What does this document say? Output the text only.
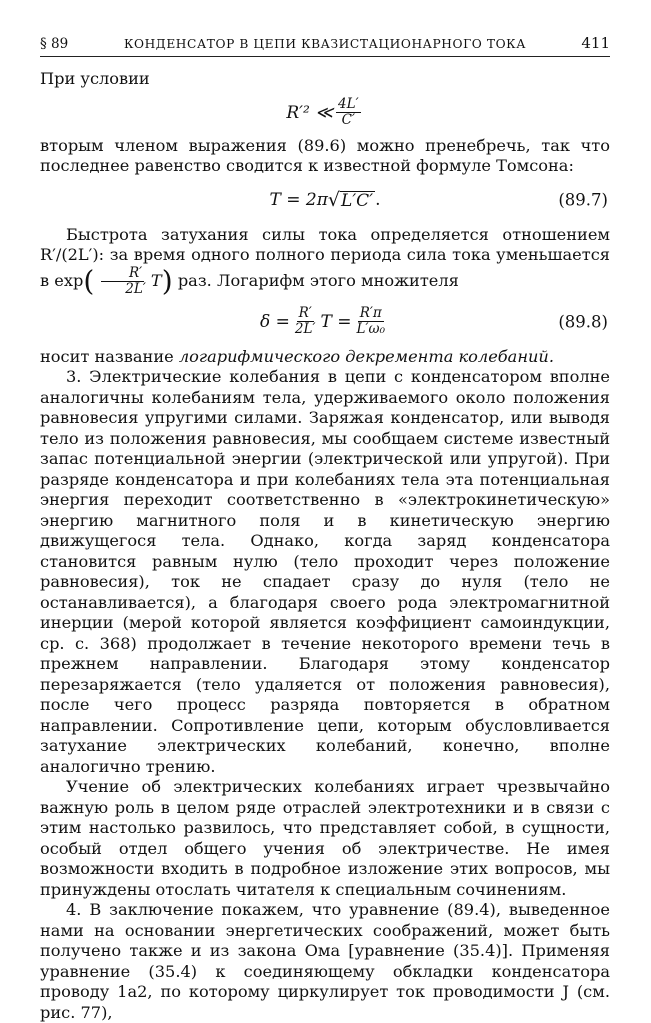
§ 89	КОНДЕНСАТОР В ЦЕПИ КВАЗИСТАЦИОНАРНОГО ТОКА	411

При условии

R′² ≪ $\frac{4L'}{C'}$

вторым членом выражения (89.6) можно пренебречь, так что последнее равенство сводится к известной формуле Томсона:

T = 2π √ L′C′ .	(89.7)

Быстрота затухания силы тока определяется отношением R′/(2L′): за время одного полного периода сила тока уменьшается в $\exp( \frac{R'}{2L'} T)$ раз. Логарифм этого множителя

$\delta = \frac{R'}{2L'}$ $T = \frac{R'\pi}{\text{L′ω₀}}$	(89.8)

носит название логарифмического декремента колебаний.

3. Электрические колебания в цепи с конденсатором вполне аналогичны колебаниям тела, удерживаемого около положения равновесия упругими силами. Заряжая конденсатор, или выводя тело из положения равновесия, мы сообщаем системе известный запас потенциальной энергии (электрической или упругой). При разряде конденсатора и при колебаниях тела эта потенциальная энергия переходит соответственно в «электрокинетическую» энергию магнитного поля и в кинетическую энергию движущегося тела. Однако, когда заряд конденсатора становится равным нулю (тело проходит через положение равновесия), ток не спадает сразу до нуля (тело не останавливается), а благодаря своего рода электромагнитной инерции (мерой которой является коэффициент самоиндукции, ср. с. 368) продолжает в течение некоторого времени течь в прежнем направлении. Благодаря этому конденсатор перезаряжается (тело удаляется от положения равновесия), после чего процесс разряда повторяется в обратном направлении. Сопротивление цепи, которым обусловливается затухание электрических колебаний, конечно, вполне аналогично трению.

Учение об электрических колебаниях играет чрезвычайно важную роль в целом ряде отраслей электротехники и в связи с этим настолько развилось, что представляет собой, в сущности, особый отдел общего учения об электричестве. Не имея возможности входить в подробное изложение этих вопросов, мы принуждены отослать читателя к специальным сочинениям.

4. В заключение покажем, что уравнение (89.4), выведенное нами на основании энергетических соображений, может быть получено также и из закона Ома [уравнение (35.4)]. Применяя уравнение (35.4) к соединяющему обкладки конденсатора проводу 1a2, по которому циркулирует ток проводимости J (см. рис. 77),
